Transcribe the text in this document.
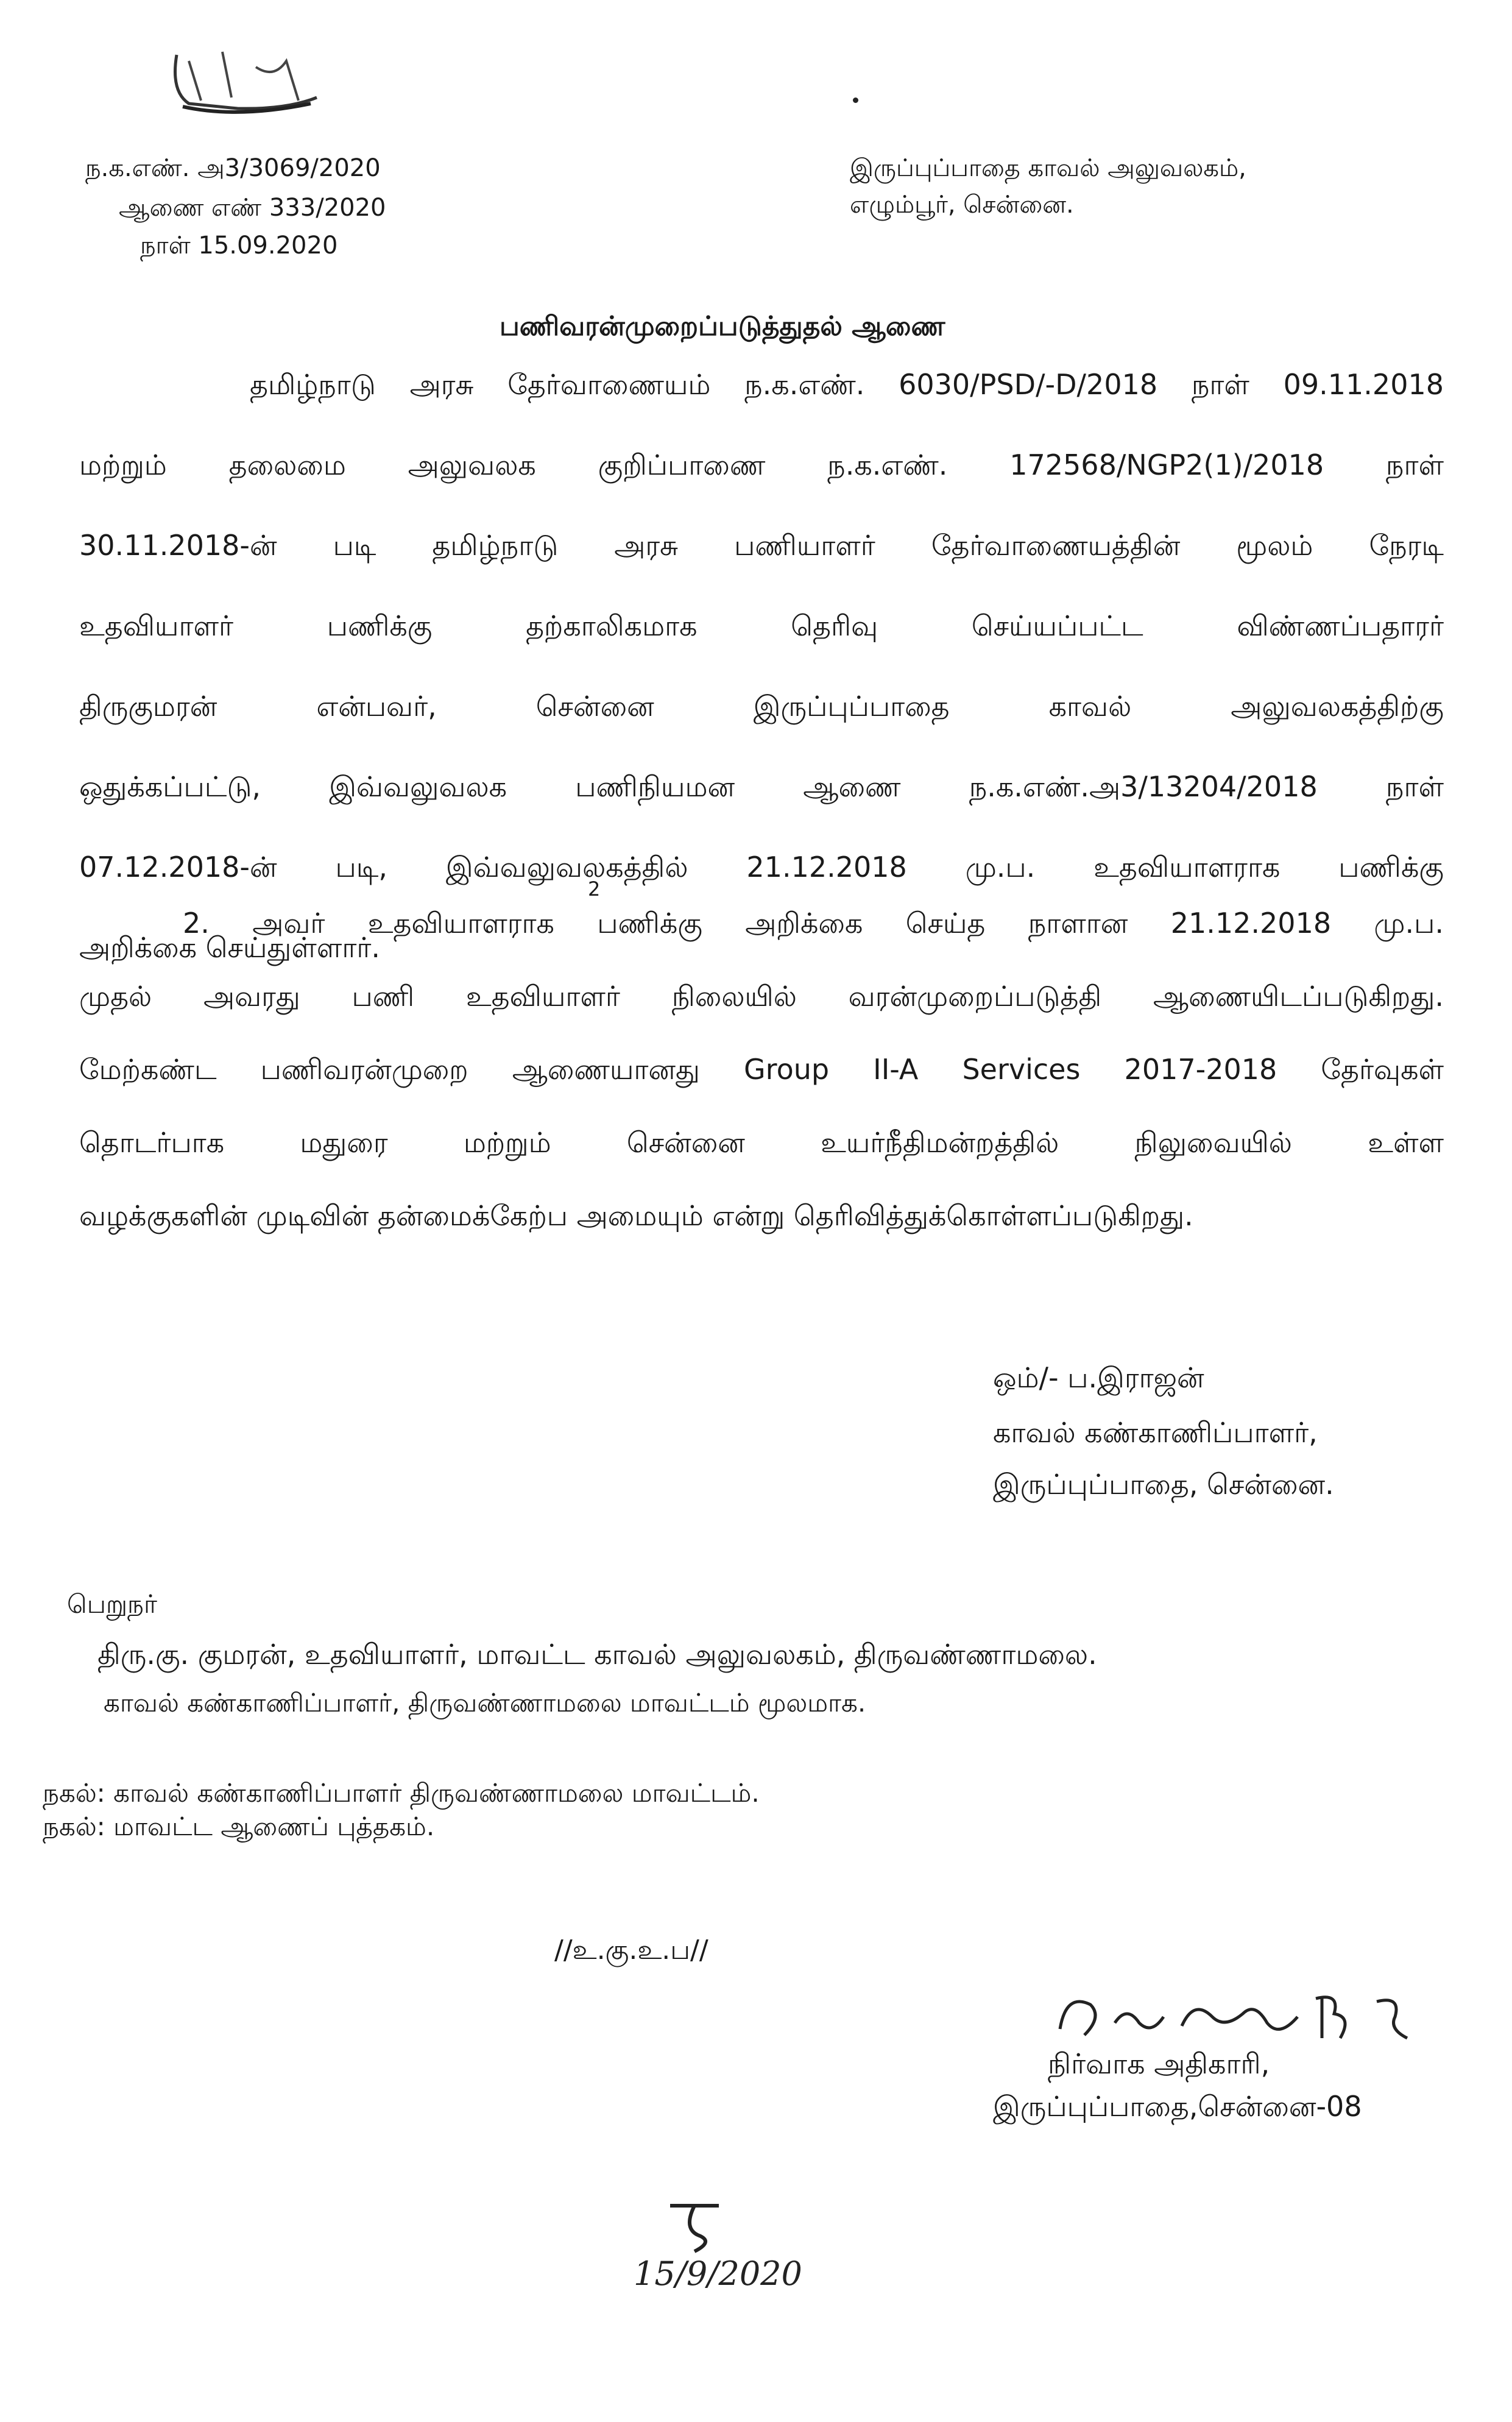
ந.க.எண். அ3/3069/2020
ஆணை எண் 333/2020
நாள் 15.09.2020
இருப்புப்பாதை காவல் அலுவலகம்,
எழும்பூர், சென்னை.
பணிவரன்முறைப்படுத்துதல் ஆணை
தமிழ்நாடு அரசு தேர்வாணையம் ந.க.எண். 6030/PSD/-D/2018 நாள் 09.11.2018
மற்றும் தலைமை அலுவலக குறிப்பாணை ந.க.எண். 172568/NGP2(1)/2018 நாள்
30.11.2018-ன் படி தமிழ்நாடு அரசு பணியாளர் தேர்வாணையத்தின் மூலம் நேரடி
உதவியாளர் பணிக்கு தற்காலிகமாக தெரிவு செய்யப்பட்ட விண்ணப்பதாரர்
திருகுமரன் என்பவர், சென்னை இருப்புப்பாதை காவல் அலுவலகத்திற்கு
ஒதுக்கப்பட்டு, இவ்வலுவலக பணிநியமன ஆணை ந.க.எண்.அ3/13204/2018 நாள்
07.12.2018-ன் படி, இவ்வலுவலகத்தில் 21.12.2018 மு.ப. உதவியாளராக பணிக்கு
அறிக்கை செய்துள்ளார்.
2
2. அவர் உதவியாளராக பணிக்கு அறிக்கை செய்த நாளான 21.12.2018 மு.ப.
முதல் அவரது பணி உதவியாளர் நிலையில் வரன்முறைப்படுத்தி ஆணையிடப்படுகிறது.
மேற்கண்ட பணிவரன்முறை ஆணையானது Group II-A Services 2017-2018 தேர்வுகள்
தொடர்பாக மதுரை மற்றும் சென்னை உயர்நீதிமன்றத்தில் நிலுவையில் உள்ள
வழக்குகளின் முடிவின் தன்மைக்கேற்ப அமையும் என்று தெரிவித்துக்கொள்ளப்படுகிறது.
ஒம்/- ப.இராஜன்
காவல் கண்காணிப்பாளர்,
இருப்புப்பாதை, சென்னை.
பெறுநர்
திரு.கு. குமரன், உதவியாளர், மாவட்ட காவல் அலுவலகம், திருவண்ணாமலை.
காவல் கண்காணிப்பாளர், திருவண்ணாமலை மாவட்டம் மூலமாக.
நகல்: காவல் கண்காணிப்பாளர் திருவண்ணாமலை மாவட்டம்.
நகல்: மாவட்ட ஆணைப் புத்தகம்.
//உ.கு.உ.ப//
நிர்வாக அதிகாரி,
இருப்புப்பாதை,சென்னை-08
15/9/2020
